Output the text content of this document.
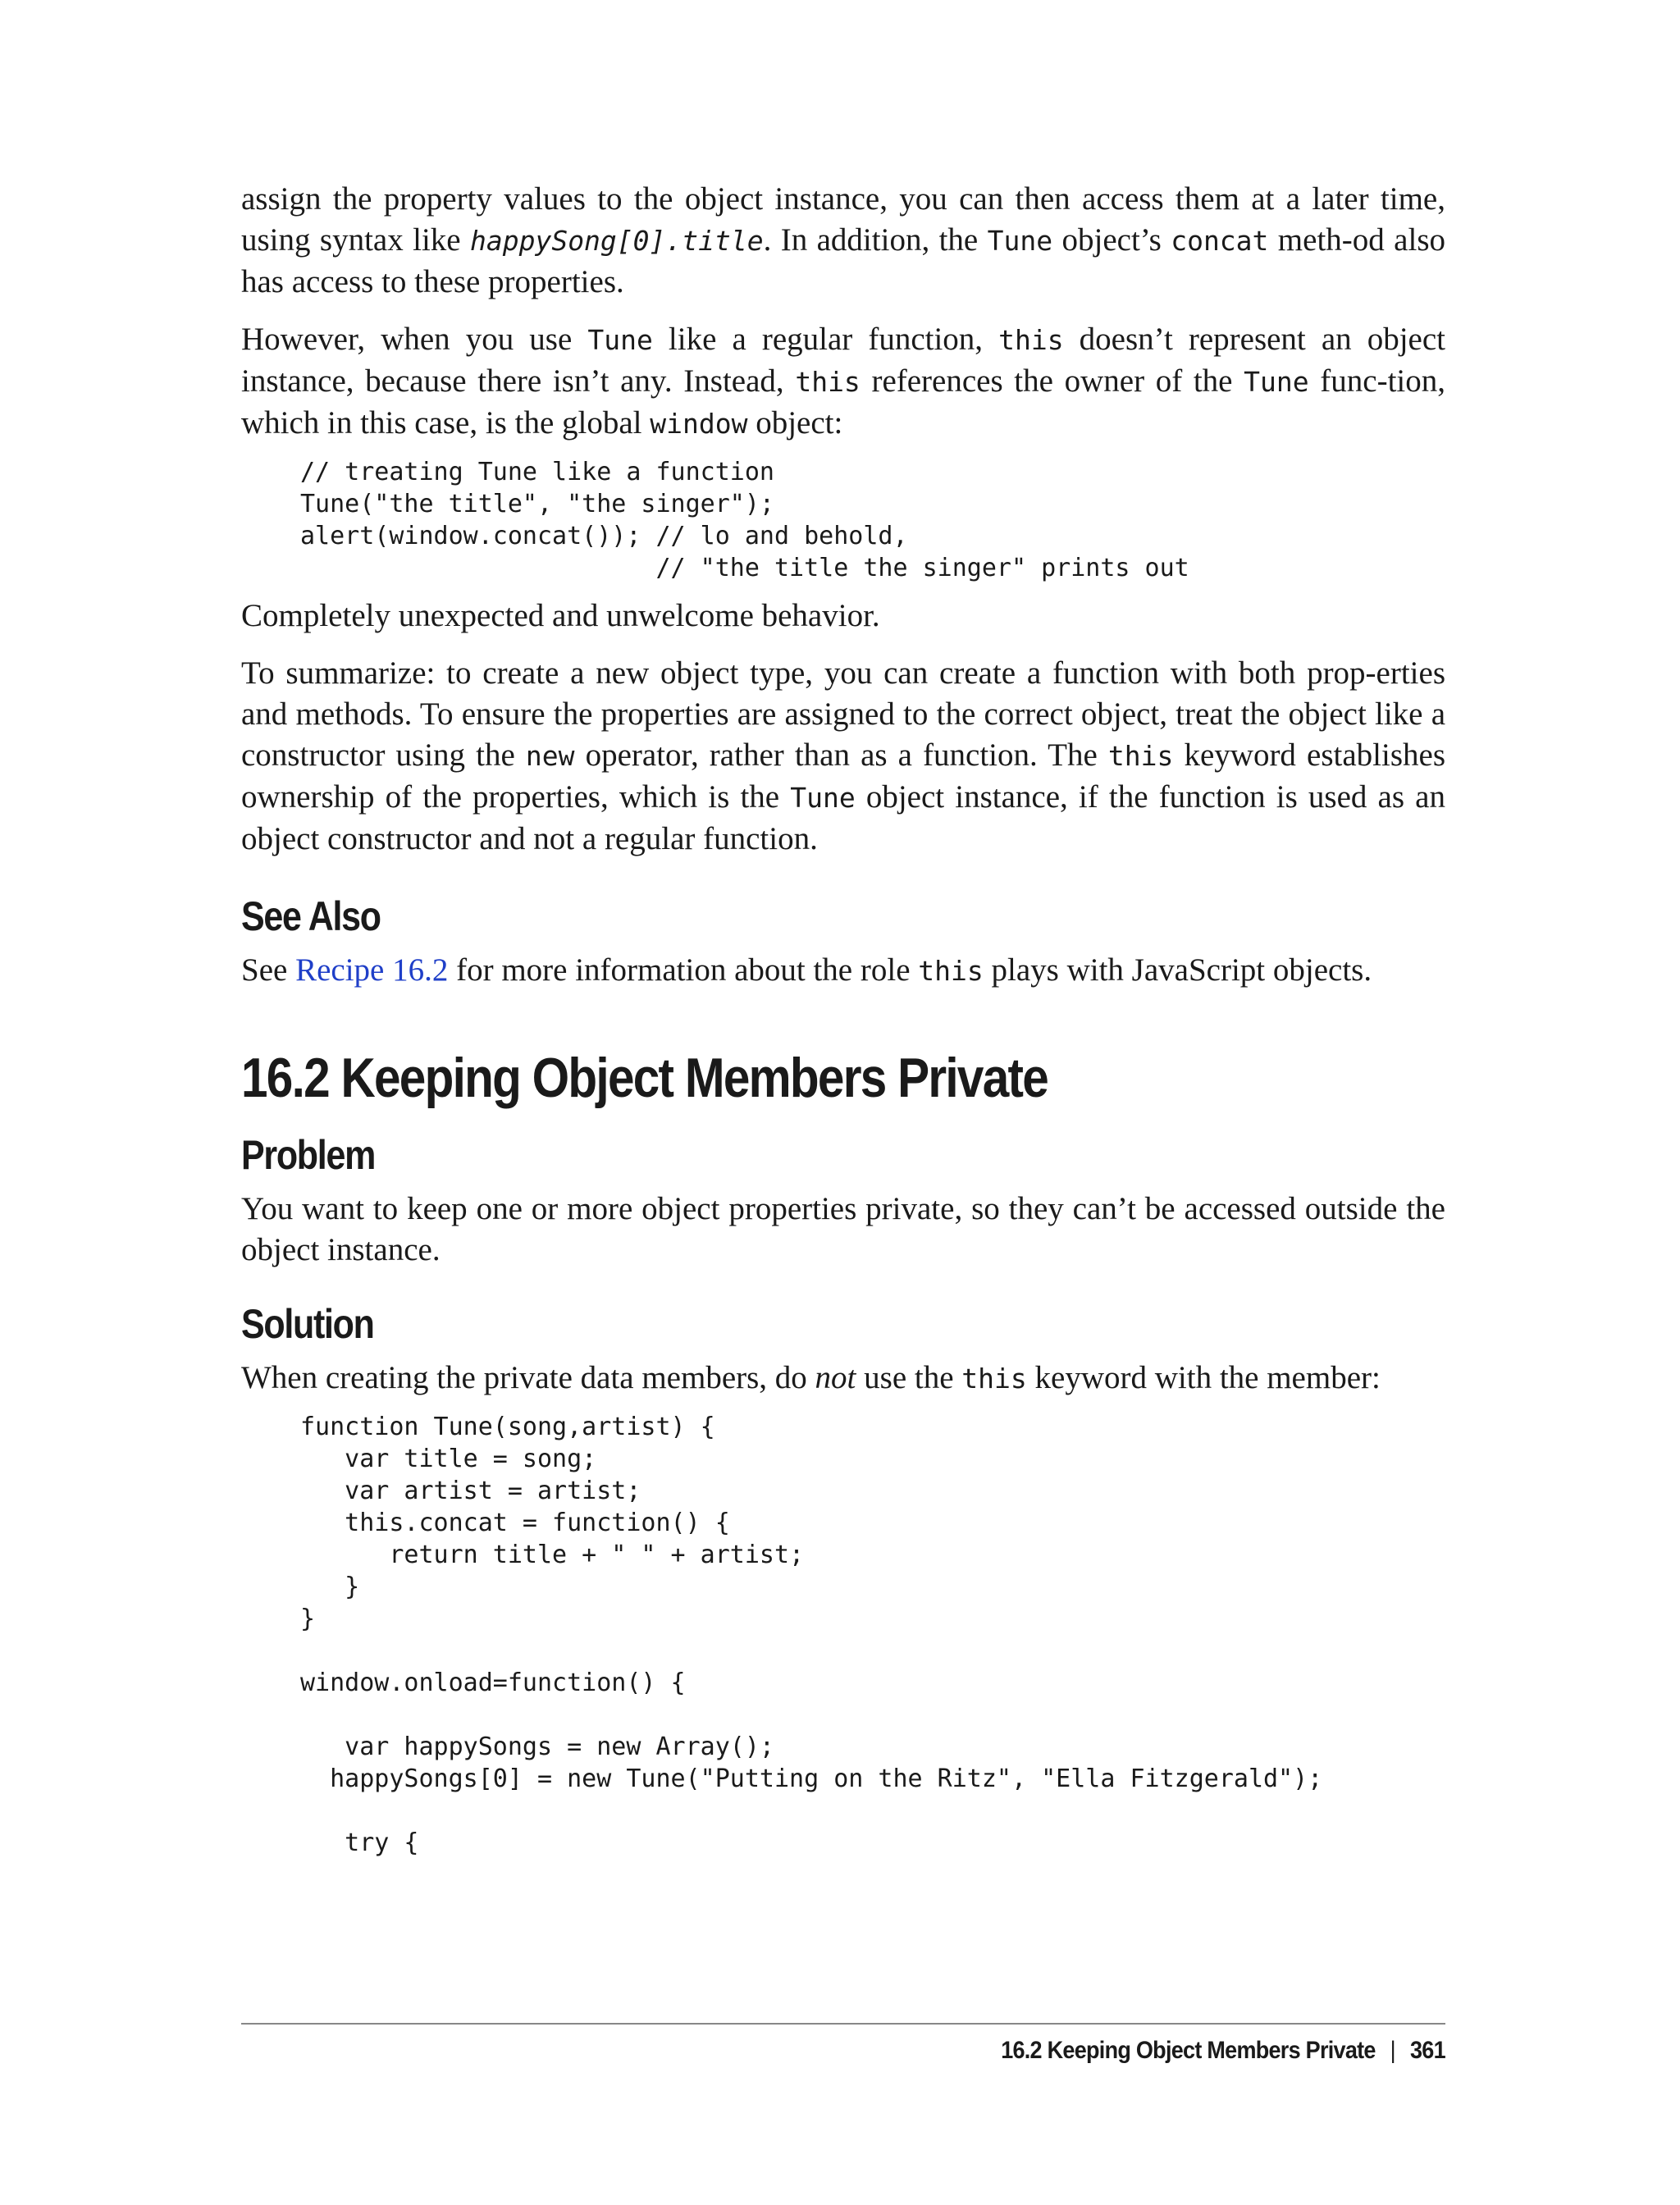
assign the property values to the object instance, you can then access them at a later time, using syntax like happySong[0].title. In addition, the Tune object’s concat meth-od also has access to these properties.

However, when you use Tune like a regular function, this doesn’t represent an object instance, because there isn’t any. Instead, this references the owner of the Tune func-tion, which in this case, is the global window object:

// treating Tune like a function
Tune("the title", "the singer");
alert(window.concat()); // lo and behold,
// "the title the singer" prints out

Completely unexpected and unwelcome behavior.

To summarize: to create a new object type, you can create a function with both prop-erties and methods. To ensure the properties are assigned to the correct object, treat the object like a constructor using the new operator, rather than as a function. The this keyword establishes ownership of the properties, which is the Tune object instance, if the function is used as an object constructor and not a regular function.

See Also

See Recipe 16.2 for more information about the role this plays with JavaScript objects.

16.2 Keeping Object Members Private
Problem

You want to keep one or more object properties private, so they can’t be accessed outside the object instance.

Solution

When creating the private data members, do not use the this keyword with the member:

function Tune(song,artist) {
var title = song;
var artist = artist;
this.concat = function() {
return title + " " + artist;
}
}

window.onload=function() {

var happySongs = new Array();
happySongs[0] = new Tune("Putting on the Ritz", "Ella Fitzgerald");

try {
16.2 Keeping Object Members Private | 361
